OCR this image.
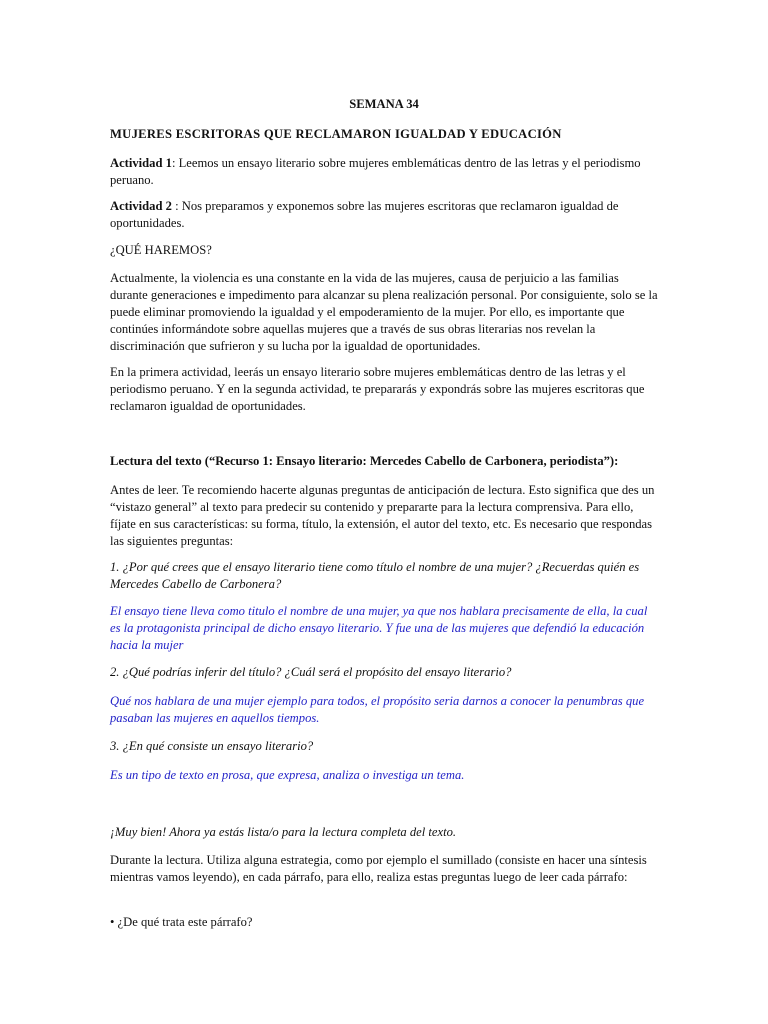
SEMANA 34
MUJERES ESCRITORAS QUE RECLAMARON IGUALDAD Y EDUCACIÓN

Actividad 1: Leemos un ensayo literario sobre mujeres emblemáticas dentro de las letras y el periodismo peruano.

Actividad 2 : Nos preparamos y exponemos sobre las mujeres escritoras que reclamaron igualdad de oportunidades.

¿QUÉ HAREMOS?

Actualmente, la violencia es una constante en la vida de las mujeres, causa de perjuicio a las familias durante generaciones e impedimento para alcanzar su plena realización personal. Por consiguiente, solo se la puede eliminar promoviendo la igualdad y el empoderamiento de la mujer. Por ello, es importante que continúes informándote sobre aquellas mujeres que a través de sus obras literarias nos revelan la discriminación que sufrieron y su lucha por la igualdad de oportunidades.

En la primera actividad, leerás un ensayo literario sobre mujeres emblemáticas dentro de las letras y el periodismo peruano. Y en la segunda actividad, te prepararás y expondrás sobre las mujeres escritoras que reclamaron igualdad de oportunidades.

Lectura del texto (“Recurso 1: Ensayo literario: Mercedes Cabello de Carbonera, periodista”):

Antes de leer. Te recomiendo hacerte algunas preguntas de anticipación de lectura. Esto significa que des un “vistazo general” al texto para predecir su contenido y prepararte para la lectura comprensiva. Para ello, fíjate en sus características: su forma, título, la extensión, el autor del texto, etc. Es necesario que respondas las siguientes preguntas:

1. ¿Por qué crees que el ensayo literario tiene como título el nombre de una mujer? ¿Recuerdas quién es Mercedes Cabello de Carbonera?

El ensayo tiene lleva como titulo el nombre de una mujer, ya que nos hablara precisamente de ella, la cual es la protagonista principal de dicho ensayo literario. Y fue una de las mujeres que defendió la educación hacia la mujer

2. ¿Qué podrías inferir del título? ¿Cuál será el propósito del ensayo literario?

Qué nos hablara de una mujer ejemplo para todos, el propósito seria darnos a conocer la penumbras que pasaban las mujeres en aquellos tiempos.

3. ¿En qué consiste un ensayo literario?

Es un tipo de texto en prosa, que expresa, analiza o investiga un tema.

¡Muy bien! Ahora ya estás lista/o para la lectura completa del texto.

Durante la lectura. Utiliza alguna estrategia, como por ejemplo el sumillado (consiste en hacer una síntesis mientras vamos leyendo), en cada párrafo, para ello, realiza estas preguntas luego de leer cada párrafo:

• ¿De qué trata este párrafo?
